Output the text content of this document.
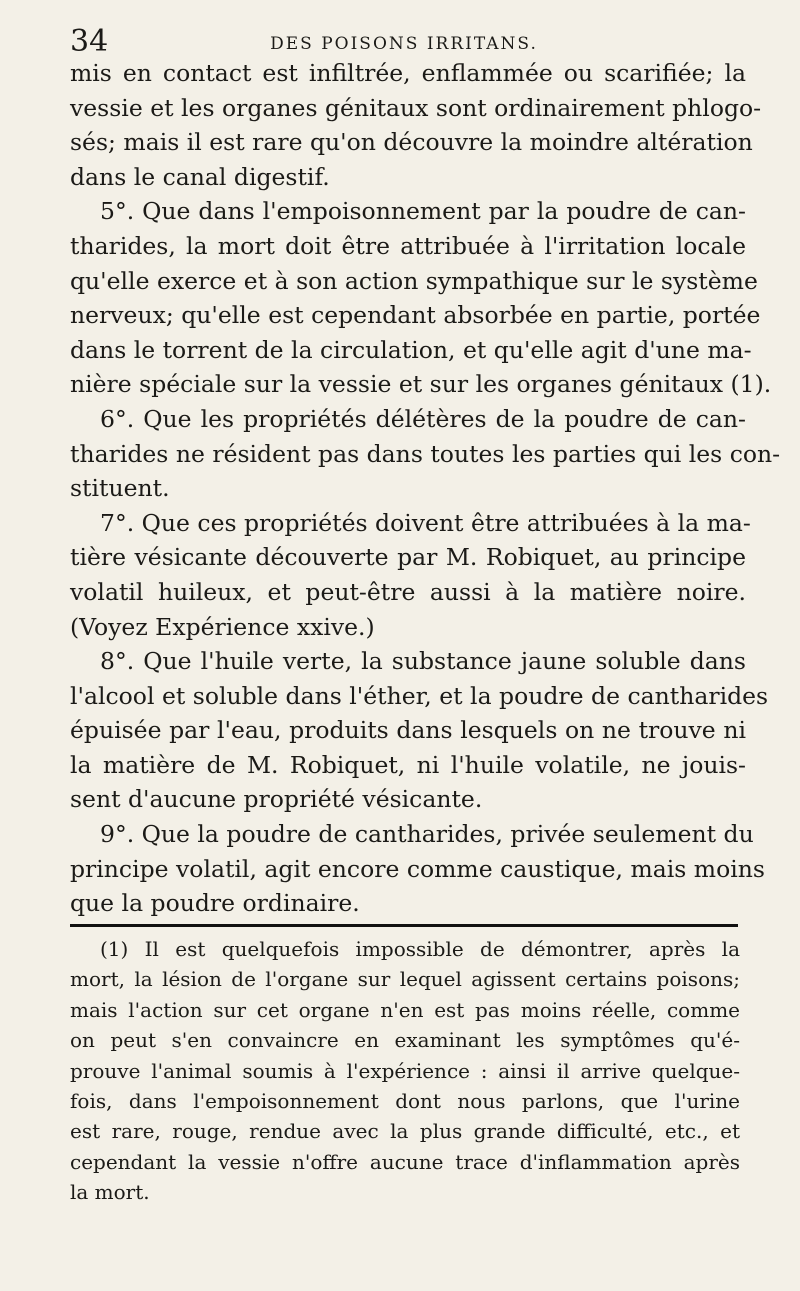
34	DES POISONS IRRITANS.
mis en contact est infiltrée, enflammée ou scarifiée; la
vessie et les organes génitaux sont ordinairement phlogo-
sés; mais il est rare qu'on découvre la moindre altération
dans le canal digestif.
5°. Que dans l'empoisonnement par la poudre de can-
tharides, la mort doit être attribuée à l'irritation locale
qu'elle exerce et à son action sympathique sur le système
nerveux; qu'elle est cependant absorbée en partie, portée
dans le torrent de la circulation, et qu'elle agit d'une ma-
nière spéciale sur la vessie et sur les organes génitaux (1).
6°. Que les propriétés délétères de la poudre de can-
tharides ne résident pas dans toutes les parties qui les con-
stituent.
7°. Que ces propriétés doivent être attribuées à la ma-
tière vésicante découverte par M. Robiquet, au principe
volatil huileux, et peut-être aussi à la matière noire.
(Voyez Expérience xxive.)
8°. Que l'huile verte, la substance jaune soluble dans
l'alcool et soluble dans l'éther, et la poudre de cantharides
épuisée par l'eau, produits dans lesquels on ne trouve ni
la matière de M. Robiquet, ni l'huile volatile, ne jouis-
sent d'aucune propriété vésicante.
9°. Que la poudre de cantharides, privée seulement du
principe volatil, agit encore comme caustique, mais moins
que la poudre ordinaire.
(1) Il est quelquefois impossible de démontrer, après la
mort, la lésion de l'organe sur lequel agissent certains poisons;
mais l'action sur cet organe n'en est pas moins réelle, comme
on peut s'en convaincre en examinant les symptômes qu'é-
prouve l'animal soumis à l'expérience : ainsi il arrive quelque-
fois, dans l'empoisonnement dont nous parlons, que l'urine
est rare, rouge, rendue avec la plus grande difficulté, etc., et
cependant la vessie n'offre aucune trace d'inflammation après
la mort.
